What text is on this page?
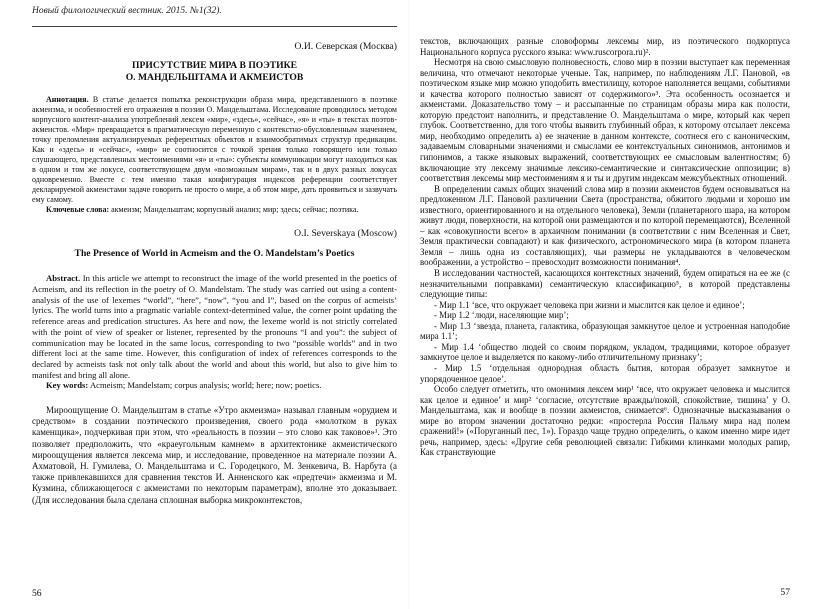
Новый филологический вестник. 2015. №1(32).
О.И. Северская (Москва)
ПРИСУТСТВИЕ МИРА В ПОЭТИКЕ
О. МАНДЕЛЬШТАМА И АКМЕИСТОВ

Аннотация. В статье делается попытка реконструкции образа мира, представленного в поэтике акмеизма, и особенностей его отражения в поэзии О. Мандельштама. Исследование проводилось методом корпусного контент-анализа употреблений лексем «мир», «здесь», «сейчас», «я» и «ты» в текстах поэтов-акмеистов. «Мир» превращается в прагматическую переменную с контекстно-обусловленным значением, точку преломления актуализируемых референтных объектов и взаимообратимых структур предикации. Как и «здесь» и «сейчас», «мир» не соотносится с точкой зрения только говорящего или только слушающего, представленных местоимениями «я» и «ты»: субъекты коммуникации могут находиться как в одном и том же локусе, соответствующем двум «возможным мирам», так и в двух разных локусах одновременно. Вместе с тем именно такая конфигурация индексов референции соответствует декларируемой акмеистами задаче говорить не просто о мире, а об этом мире, дать проявиться и зазвучать ему самому.

Ключевые слова: акмеизм; Мандельштам; корпусный анализ; мир; здесь; сейчас; поэтика.

O.I. Severskaya (Moscow)
The Presence of World in Acmeism and the O. Mandelstam’s Poetics

Abstract. In this article we attempt to reconstruct the image of the world presented in the poetics of Acmeism, and its reflection in the poetry of O. Mandelstam. The study was carried out using a content-analysis of the use of lexemes “world”, “here”, “now”, “you and I”, based on the corpus of acmeists’ lyrics. The world turns into a pragmatic variable context-determined value, the corner point updating the reference areas and predication structures. As here and now, the lexeme world is not strictly correlated with the point of view of speaker or listener, represented by the pronouns “I and you”: the subject of communication may be located in the same locus, corresponding to two “possible worlds” and in two different loci at the same time. However, this configuration of index of references corresponds to the declared by acmeists task not only talk about the world and about this world, but also to give him to manifest and bring all alone.

Key words: Acmeism; Mandelstam; corpus analysis; world; here; now; poetics.

Мироощущение О. Мандельштам в статье «Утро акмеизма» называл главным «орудием и средством» в создании поэтического произведения, своего рода «молотком в руках каменщика», подчеркивая при этом, что «реальность в поэзии – это слово как таковое»¹. Это позволяет предположить, что «краеугольным камнем» в архитектонике акмеистического мироощущения является лексема мир, и исследование, проведенное на материале поэзии А. Ахматовой, Н. Гумилева, О. Мандельштама и С. Городецкого, М. Зенкевича, В. Нарбута (а также привлекавшихся для сравнения текстов И. Анненского как «предтечи» акмеизма и М. Кузмина, сближающегося с акмеистами по некоторым параметрам), вполне это доказывает. (Для исследования была сделана сплошная выборка микроконтекстов,

текстов, включающих разные словоформы лексемы мир, из поэтического подкорпуса Национального корпуса русского языка: www.ruscorpora.ru)².

Несмотря на свою смысловую полновесность, слово мир в поэзии выступает как переменная величина, что отмечают некоторые ученые. Так, например, по наблюдениям Л.Г. Пановой, «в поэтическом языке мир можно уподобить вместилищу, которое наполняется вещами, событиями и качества которого полностью зависят от содержимого»³. Эта особенность осознается и акмеистами. Доказательство тому – и рассыпанные по страницам образы мира как полости, которую предстоит наполнить, и представление О. Мандельштама о мире, который как череп глубок. Соответственно, для того чтобы выявить глубинный образ, к которому отсылает лексема мир, необходимо определить а) ее значение в данном контексте, соотнеся его с каноническим, задаваемым словарными значениями и смыслами ее контекстуальных синонимов, антонимов и гипонимов, а также языковых выражений, соответствующих ее смысловым валентностям; б) включающие эту лексему значимые лексико-семантические и синтаксические оппозиции; в) соответствия лексемы мир местоимениям я и ты и другим индексам межсубъектных отношений.

В определении самых общих значений слова мир в поэзии акмеистов будем основываться на предложенном Л.Г. Пановой различении Света (пространства, обжитого людьми и хорошо им известного, ориентированного и на отдельного человека), Земли (планетарного шара, на котором живут люди, поверхности, на которой они размещаются и по которой перемещаются), Вселенной – как «совокупности всего» в архаичном понимании (в соответствии с ним Вселенная и Свет, Земля практически совпадают) и как физического, астрономического мира (в котором планета Земля – лишь одна из составляющих), чьи размеры не укладываются в человеческом воображении, а устройство – превосходит возможности понимания⁴.

В исследовании частностей, касающихся контекстных значений, будем опираться на ее же (с незначительными поправками) семантическую классификацию⁵, в которой представлены следующие типы:

- Мир 1.1 ‘все, что окружает человека при жизни и мыслится как целое и единое’;

- Мир 1.2 ‘люди, населяющие мир’;

- Мир 1.3 ‘звезда, планета, галактика, образующая замкнутое целое и устроенная наподобие мира 1.1’;

- Мир 1.4 ‘общество людей со своим порядком, укладом, традициями, которое образует замкнутое целое и выделяется по какому-либо отличительному признаку’;

- Мир 1.5 ‘отдельная однородная область бытия, которая образует замкнутое и упорядоченное целое’.

Особо следует отметить, что омонимия лексем мир¹ ‘все, что окружает человека и мыслится как целое и единое’ и мир² ‘согласие, отсутствие вражды/покой, спокойствие, тишина’ у О. Мандельштама, как и вообще в поэзии акмеистов, снимается⁶. Однозначные высказывания о мире во втором значении достаточно редки: «простерла Россия Пальму мира над полем сражений!» («Поруганный пес, 1»). Гораздо чаще трудно определить, о каком именно мире идет речь, например, здесь: «Другие себя революцией связали: Гибкими клинками молодых рапир, Как странствующие

56	57
